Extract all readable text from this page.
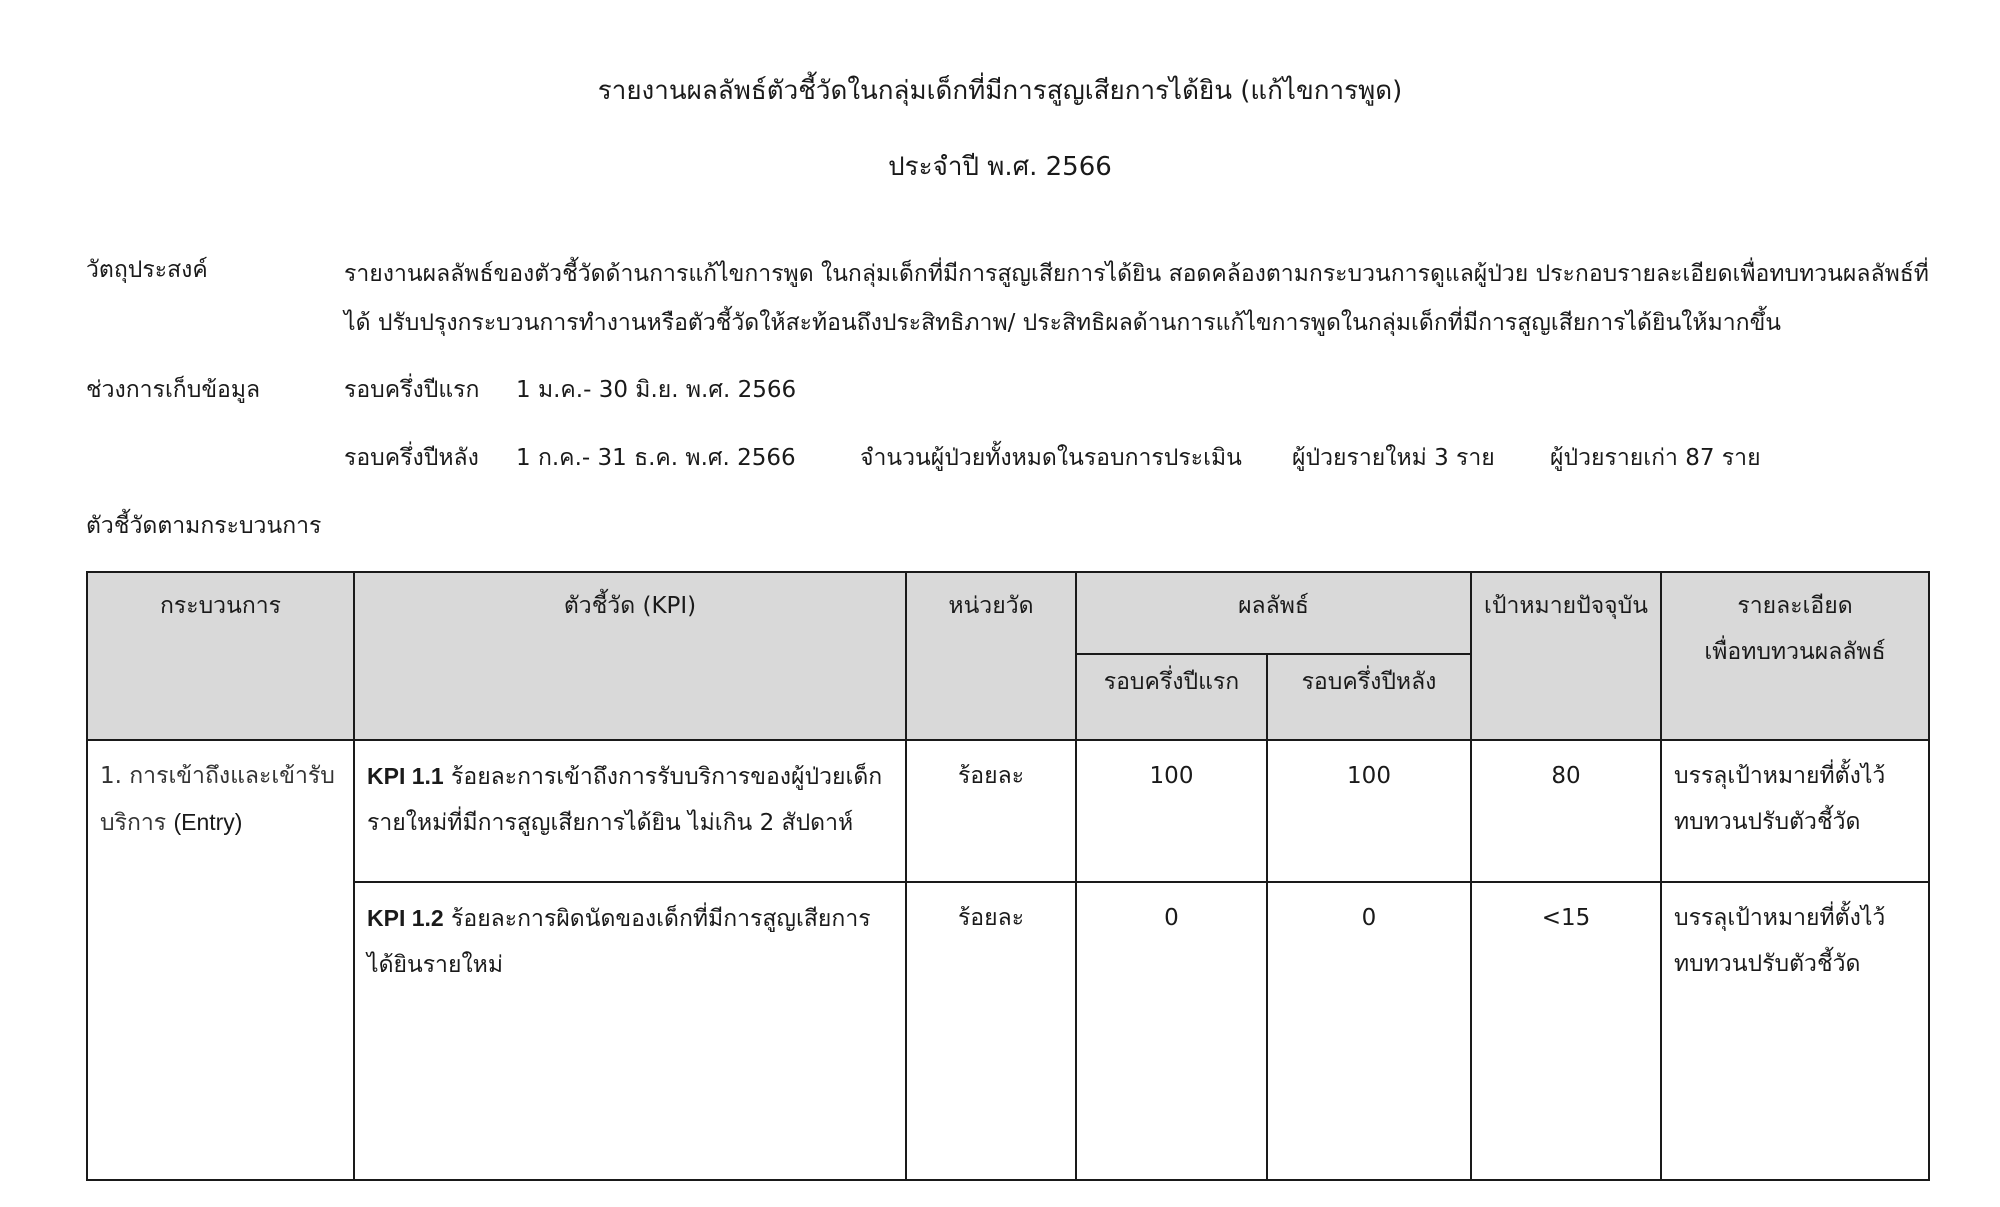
รายงานผลลัพธ์ตัวชี้วัดในกลุ่มเด็กที่มีการสูญเสียการได้ยิน (แก้ไขการพูด)
ประจำปี พ.ศ. 2566
วัตถุประสงค์	รายงานผลลัพธ์ของตัวชี้วัดด้านการแก้ไขการพูด ในกลุ่มเด็กที่มีการสูญเสียการได้ยิน สอดคล้องตามกระบวนการดูแลผู้ป่วย ประกอบรายละเอียดเพื่อทบทวนผลลัพธ์ที่ได้ ปรับปรุงกระบวนการทำงานหรือตัวชี้วัดให้สะท้อนถึงประสิทธิภาพ/ ประสิทธิผลด้านการแก้ไขการพูดในกลุ่มเด็กที่มีการสูญเสียการได้ยินให้มากขึ้น
ช่วงการเก็บข้อมูล	รอบครึ่งปีแรก 1 ม.ค.- 30 มิ.ย. พ.ศ. 2566
รอบครึ่งปีหลัง 1 ก.ค.- 31 ธ.ค. พ.ศ. 2566	จำนวนผู้ป่วยทั้งหมดในรอบการประเมิน ผู้ป่วยรายใหม่ 3 ราย ผู้ป่วยรายเก่า 87 ราย
ตัวชี้วัดตามกระบวนการ
กระบวนการ	ตัวชี้วัด (KPI)	หน่วยวัด	ผลลัพธ์		เป้าหมายปัจจุบัน	รายละเอียด
เพื่อทบทวนผลลัพธ์

			รอบครึ่งปีแรก	รอบครึ่งปีหลัง		

1. การเข้าถึงและเข้ารับบริการ (Entry)	KPI 1.1 ร้อยละการเข้าถึงการรับบริการของผู้ป่วยเด็กรายใหม่ที่มีการสูญเสียการได้ยิน ไม่เกิน 2 สัปดาห์	ร้อยละ	100	100	80	บรรลุเป้าหมายที่ตั้งไว้ ทบทวนปรับตัวชี้วัด
	KPI 1.2 ร้อยละการผิดนัดของเด็กที่มีการสูญเสียการได้ยินรายใหม่	ร้อยละ	0	0	<15	บรรลุเป้าหมายที่ตั้งไว้ ทบทวนปรับตัวชี้วัด
